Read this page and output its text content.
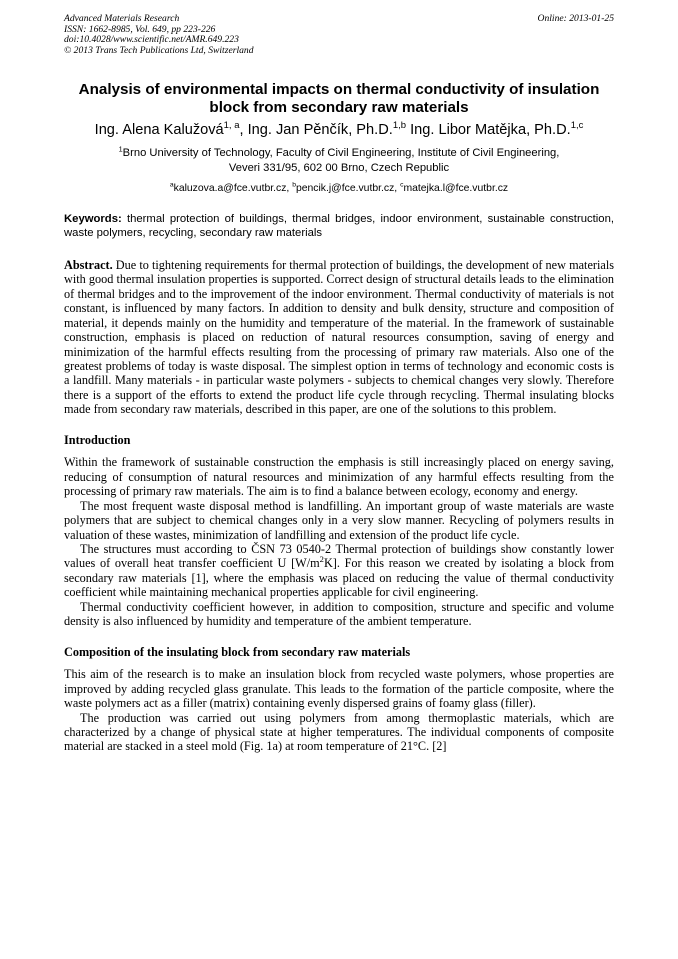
Advanced Materials Research
ISSN: 1662-8985, Vol. 649, pp 223-226
doi:10.4028/www.scientific.net/AMR.649.223
© 2013 Trans Tech Publications Ltd, Switzerland
Online: 2013-01-25
Analysis of environmental impacts on thermal conductivity of insulation
block from secondary raw materials
Ing. Alena Kalužová$^{1, a}$, Ing. Jan Pěnčík, Ph.D.$^{1,b}$ Ing. Libor Matějka, Ph.D.$^{1,c}$
$^1$Brno University of Technology, Faculty of Civil Engineering, Institute of Civil Engineering,
Veveri 331/95, 602 00 Brno, Czech Republic
$^a$kaluzova.a@fce.vutbr.cz, $^b$pencik.j@fce.vutbr.cz, $^c$matejka.l@fce.vutbr.cz
Keywords: thermal protection of buildings, thermal bridges, indoor environment, sustainable construction, waste polymers, recycling, secondary raw materials
Abstract. Due to tightening requirements for thermal protection of buildings, the development of new materials with good thermal insulation properties is supported. Correct design of structural details leads to the elimination of thermal bridges and to the improvement of the indoor environment. Thermal conductivity of materials is not constant, is influenced by many factors. In addition to density and bulk density, structure and composition of material, it depends mainly on the humidity and temperature of the material. In the framework of sustainable construction, emphasis is placed on reduction of natural resources consumption, saving of energy and minimization of the harmful effects resulting from the processing of primary raw materials. Also one of the greatest problems of today is waste disposal. The simplest option in terms of technology and economic costs is a landfill. Many materials - in particular waste polymers - subjects to chemical changes very slowly. Therefore there is a support of the efforts to extend the product life cycle through recycling. Thermal insulating blocks made from secondary raw materials, described in this paper, are one of the solutions to this problem.
Introduction

Within the framework of sustainable construction the emphasis is still increasingly placed on energy saving, reducing of consumption of natural resources and minimization of any harmful effects resulting from the processing of primary raw materials. The aim is to find a balance between ecology, economy and energy.

The most frequent waste disposal method is landfilling. An important group of waste materials are waste polymers that are subject to chemical changes only in a very slow manner. Recycling of polymers results in valuation of these wastes, minimization of landfilling and extension of the product life cycle.

The structures must according to ČSN 73 0540-2 Thermal protection of buildings show constantly lower values of overall heat transfer coefficient U $[W/m^2K]$. For this reason we created by isolating a block from secondary raw materials [1], where the emphasis was placed on reducing the value of thermal conductivity coefficient while maintaining mechanical properties applicable for civil engineering.

Thermal conductivity coefficient however, in addition to composition, structure and specific and volume density is also influenced by humidity and temperature of the ambient temperature.

Composition of the insulating block from secondary raw materials

This aim of the research is to make an insulation block from recycled waste polymers, whose properties are improved by adding recycled glass granulate. This leads to the formation of the particle composite, where the waste polymers act as a filler (matrix) containing evenly dispersed grains of foamy glass (filler).

The production was carried out using polymers from among thermoplastic materials, which are characterized by a change of physical state at higher temperatures. The individual components of composite material are stacked in a steel mold (Fig. 1a) at room temperature of 21°C. [2]
